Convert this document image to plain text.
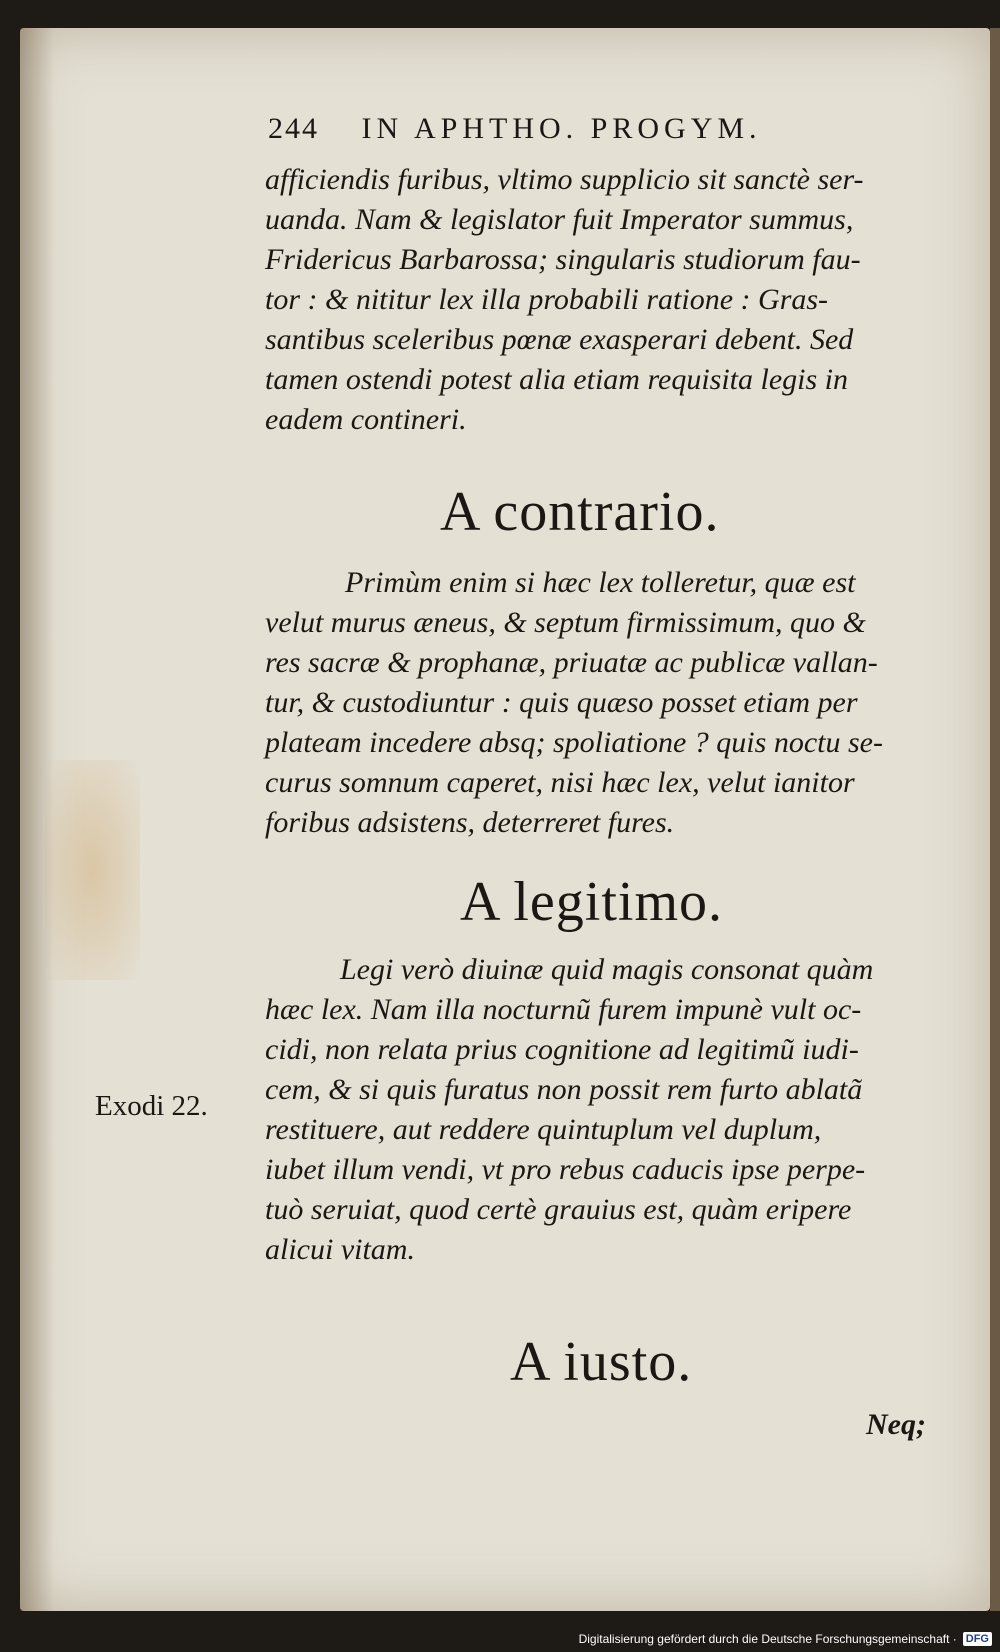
244 IN APHTHO. PROGYM.
afficiendis furibus, vltimo supplicio sit sanctè ser-
uanda. Nam & legislator fuit Imperator summus,
Fridericus Barbarossa; singularis studiorum fau-
tor : & nititur lex illa probabili ratione : Gras-
santibus sceleribus pœnæ exasperari debent. Sed
tamen ostendi potest alia etiam requisita legis in
eadem contineri.
A contrario.
Primùm enim si hæc lex tolleretur, quæ est
velut murus æneus, & septum firmissimum, quo &
res sacræ & prophanæ, priuatæ ac publicæ vallan-
tur, & custodiuntur : quis quæso posset etiam per
plateam incedere absq; spoliatione ? quis noctu se-
curus somnum caperet, nisi hæc lex, velut ianitor
foribus adsistens, deterreret fures.
A legitimo.
Legi verò diuinæ quid magis consonat quàm
hæc lex. Nam illa nocturnũ furem impunè vult oc-
cidi, non relata prius cognitione ad legitimũ iudi-
cem, & si quis furatus non possit rem furto ablatã
restituere, aut reddere quintuplum vel duplum,
iubet illum vendi, vt pro rebus caducis ipse perpe-
tuò seruiat, quod certè grauius est, quàm eripere
alicui vitam.
Exodi 22.
A iusto.
Neq;
Digitalisierung gefördert durch die Deutsche Forschungsgemeinschaft · DFG
